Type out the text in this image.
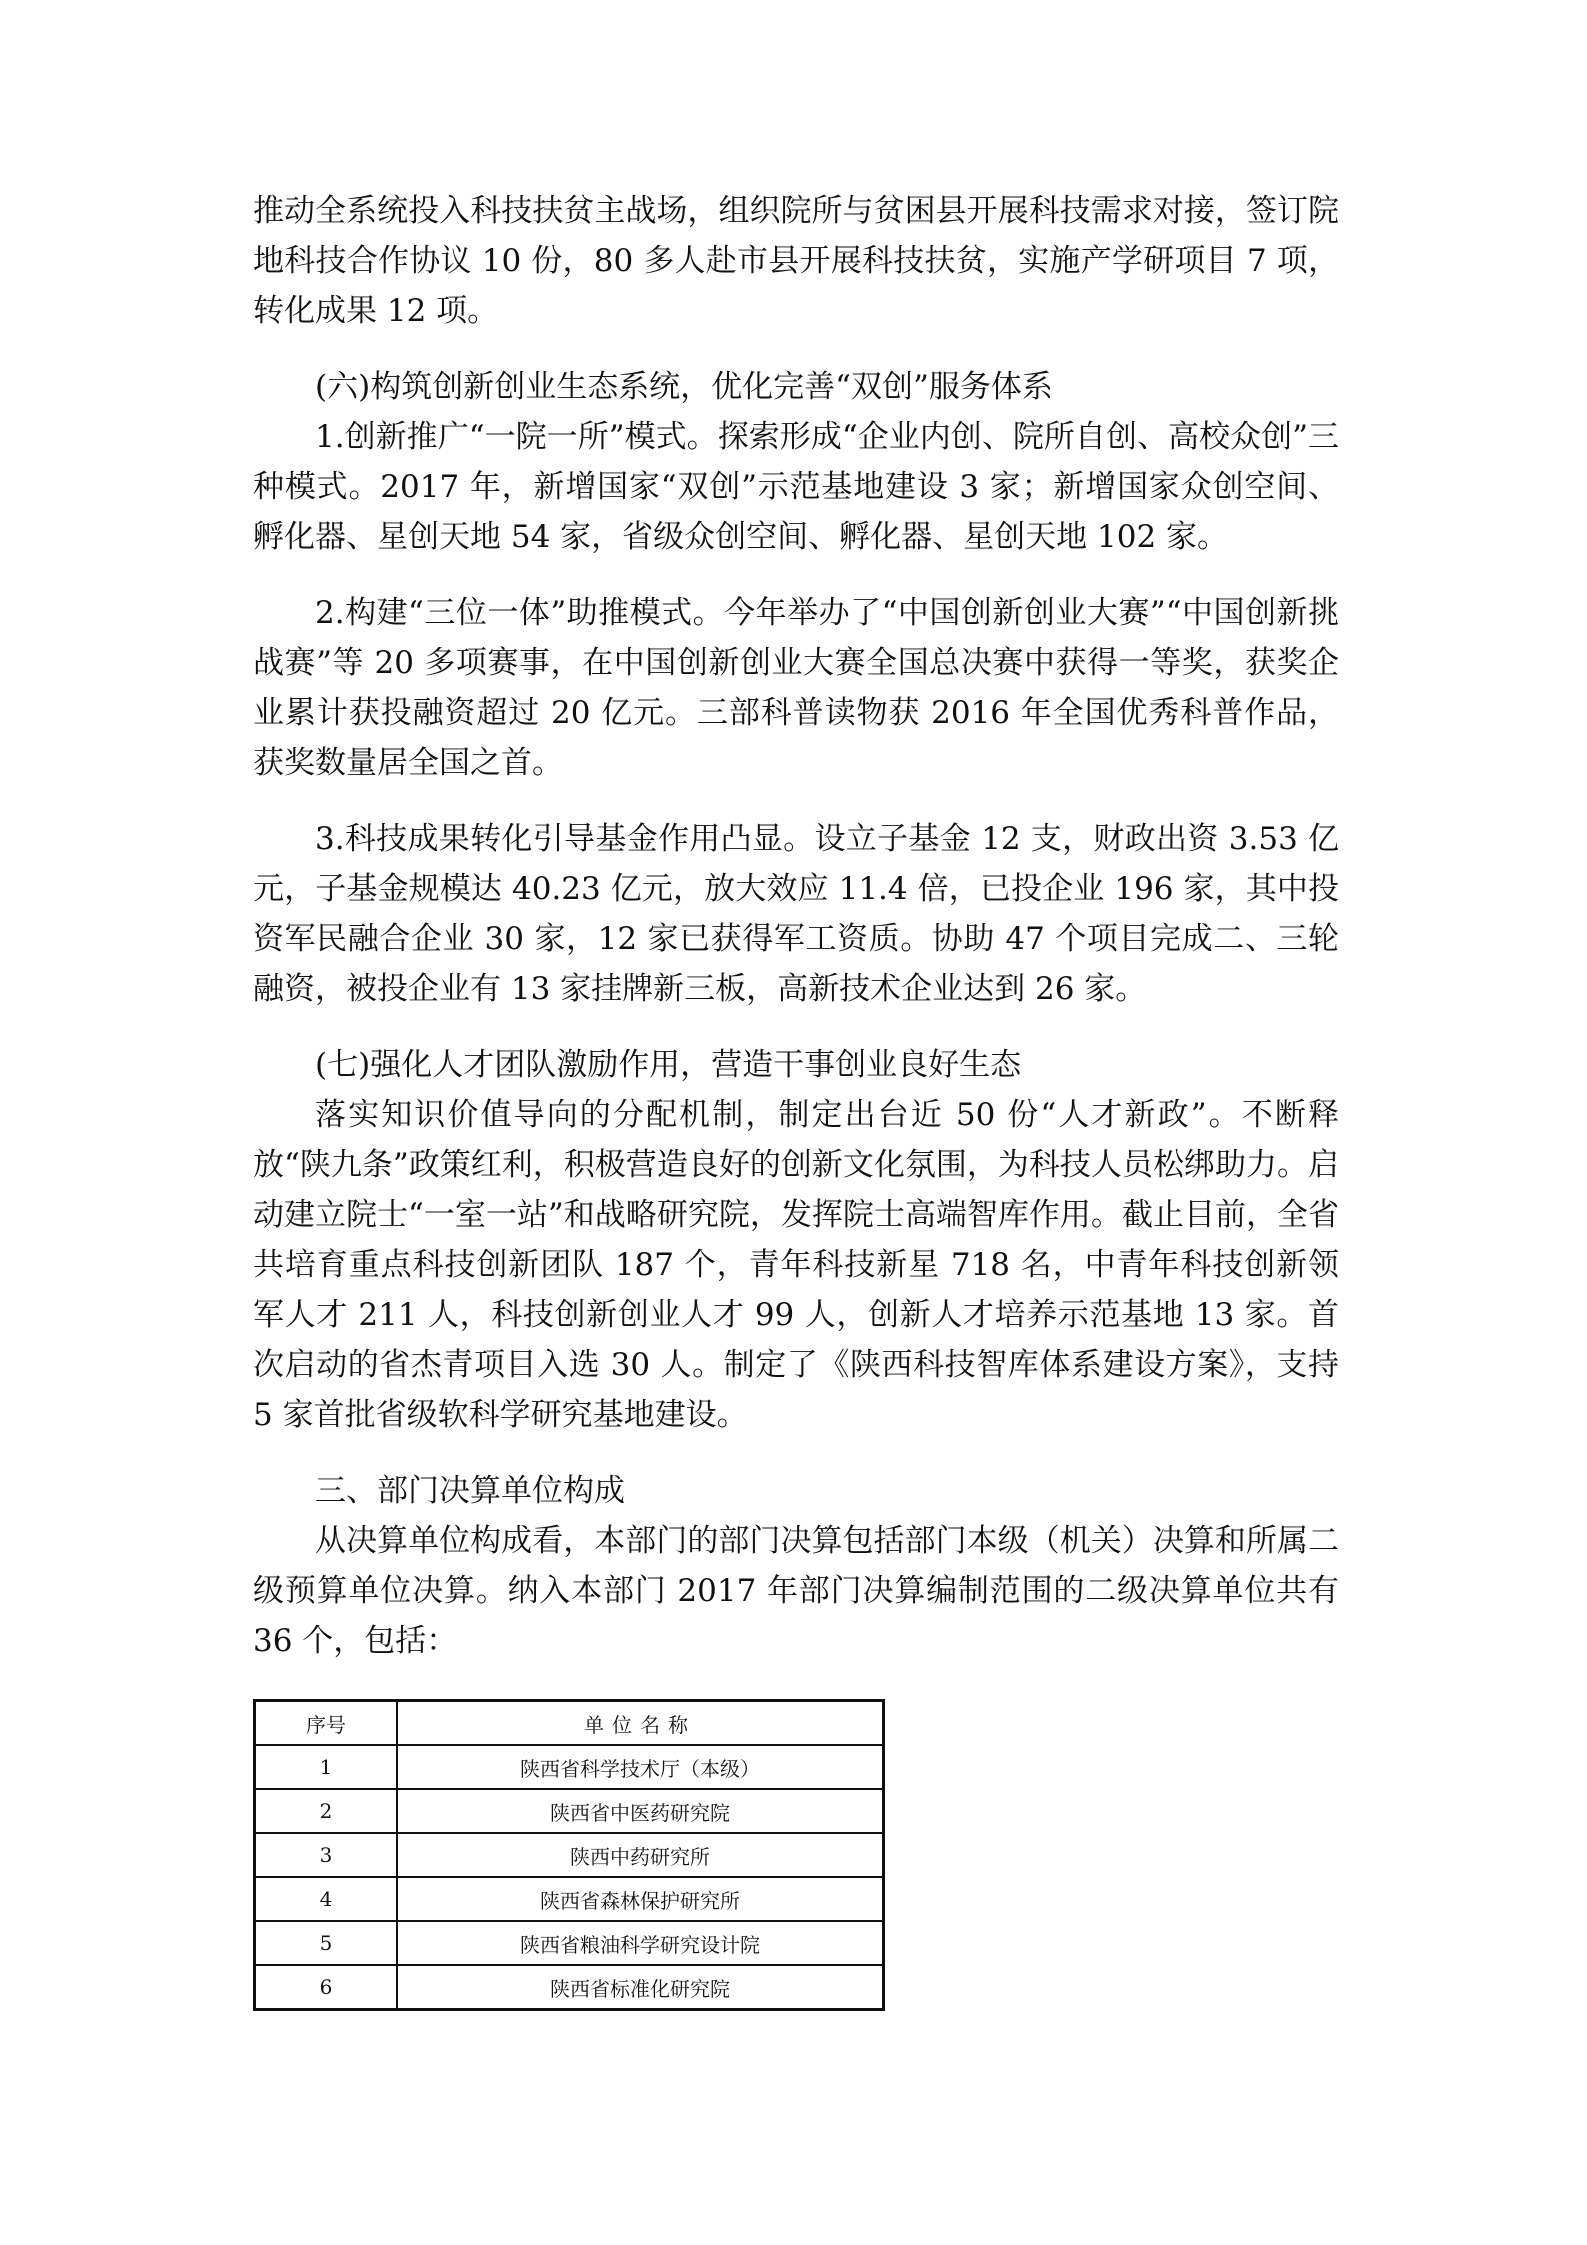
推动全系统投入科技扶贫主战场，组织院所与贫困县开展科技需求对接，签订院地科技合作协议 10 份，80 多人赴市县开展科技扶贫，实施产学研项目 7 项，转化成果 12 项。

(六)构筑创新创业生态系统，优化完善“双创”服务体系

1.创新推广“一院一所”模式。探索形成“企业内创、院所自创、高校众创”三种模式。2017 年，新增国家“双创”示范基地建设 3 家；新增国家众创空间、孵化器、星创天地 54 家，省级众创空间、孵化器、星创天地 102 家。

2.构建“三位一体”助推模式。今年举办了“中国创新创业大赛”“中国创新挑战赛”等 20 多项赛事，在中国创新创业大赛全国总决赛中获得一等奖，获奖企业累计获投融资超过 20 亿元。三部科普读物获 2016 年全国优秀科普作品，获奖数量居全国之首。

3.科技成果转化引导基金作用凸显。设立子基金 12 支，财政出资 3.53 亿元，子基金规模达 40.23 亿元，放大效应 11.4 倍，已投企业 196 家，其中投资军民融合企业 30 家，12 家已获得军工资质。协助 47 个项目完成二、三轮融资，被投企业有 13 家挂牌新三板，高新技术企业达到 26 家。

(七)强化人才团队激励作用，营造干事创业良好生态

落实知识价值导向的分配机制，制定出台近 50 份“人才新政”。不断释放“陕九条”政策红利，积极营造良好的创新文化氛围，为科技人员松绑助力。启动建立院士“一室一站”和战略研究院，发挥院士高端智库作用。截止目前，全省共培育重点科技创新团队 187 个，青年科技新星 718 名，中青年科技创新领军人才 211 人，科技创新创业人才 99 人，创新人才培养示范基地 13 家。首次启动的省杰青项目入选 30 人。制定了《陕西科技智库体系建设方案》，支持 5 家首批省级软科学研究基地建设。

三、部门决算单位构成

从决算单位构成看，本部门的部门决算包括部门本级（机关）决算和所属二级预算单位决算。纳入本部门 2017 年部门决算编制范围的二级决算单位共有 36 个，包括：

序号	单位名称
1	陕西省科学技术厅（本级）
2	陕西省中医药研究院
3	陕西中药研究所
4	陕西省森林保护研究所
5	陕西省粮油科学研究设计院
6	陕西省标准化研究院
